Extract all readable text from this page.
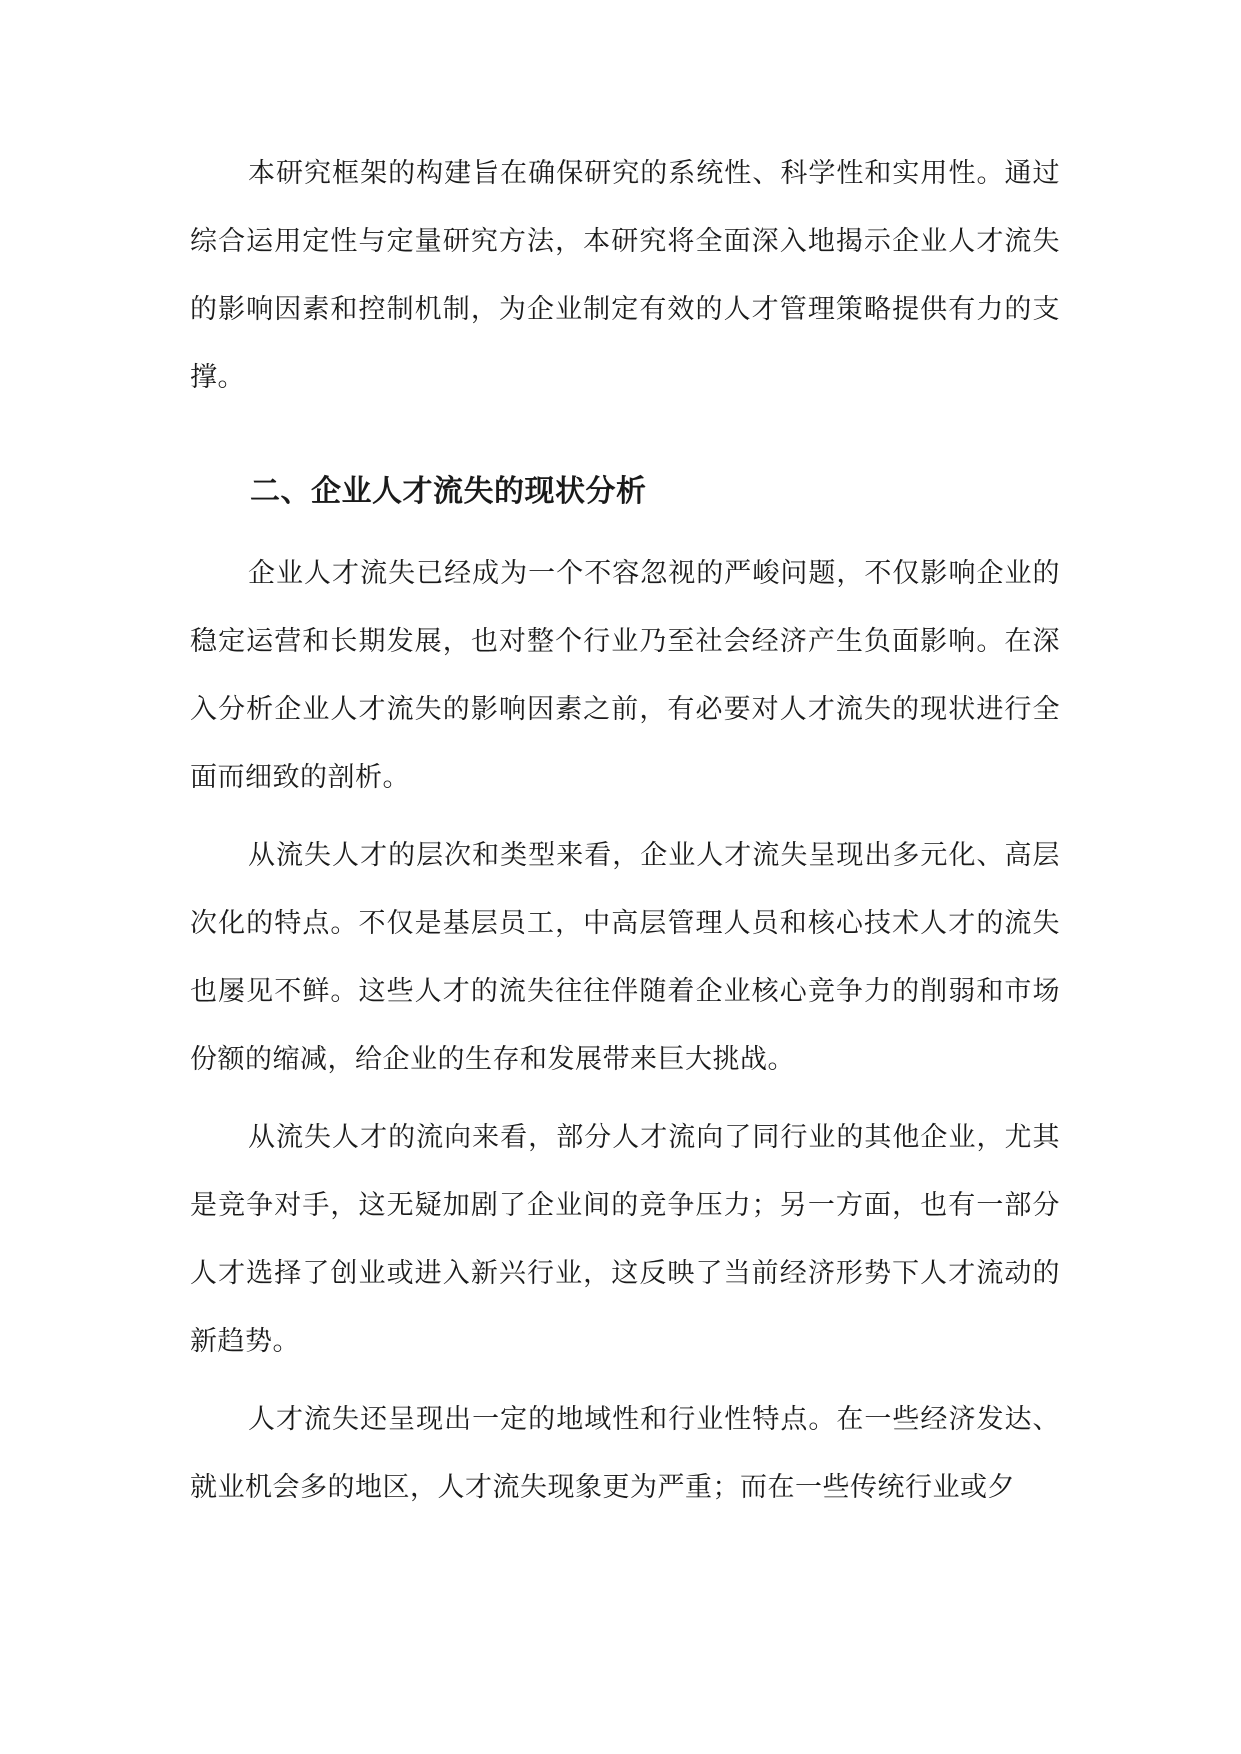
本研究框架的构建旨在确保研究的系统性、科学性和实用性。通过综合运用定性与定量研究方法，本研究将全面深入地揭示企业人才流失的影响因素和控制机制，为企业制定有效的人才管理策略提供有力的支撑。

二、企业人才流失的现状分析

企业人才流失已经成为一个不容忽视的严峻问题，不仅影响企业的稳定运营和长期发展，也对整个行业乃至社会经济产生负面影响。在深入分析企业人才流失的影响因素之前，有必要对人才流失的现状进行全面而细致的剖析。

从流失人才的层次和类型来看，企业人才流失呈现出多元化、高层次化的特点。不仅是基层员工，中高层管理人员和核心技术人才的流失也屡见不鲜。这些人才的流失往往伴随着企业核心竞争力的削弱和市场份额的缩减，给企业的生存和发展带来巨大挑战。

从流失人才的流向来看，部分人才流向了同行业的其他企业，尤其是竞争对手，这无疑加剧了企业间的竞争压力；另一方面，也有一部分人才选择了创业或进入新兴行业，这反映了当前经济形势下人才流动的新趋势。

人才流失还呈现出一定的地域性和行业性特点。在一些经济发达、就业机会多的地区，人才流失现象更为严重；而在一些传统行业或夕
